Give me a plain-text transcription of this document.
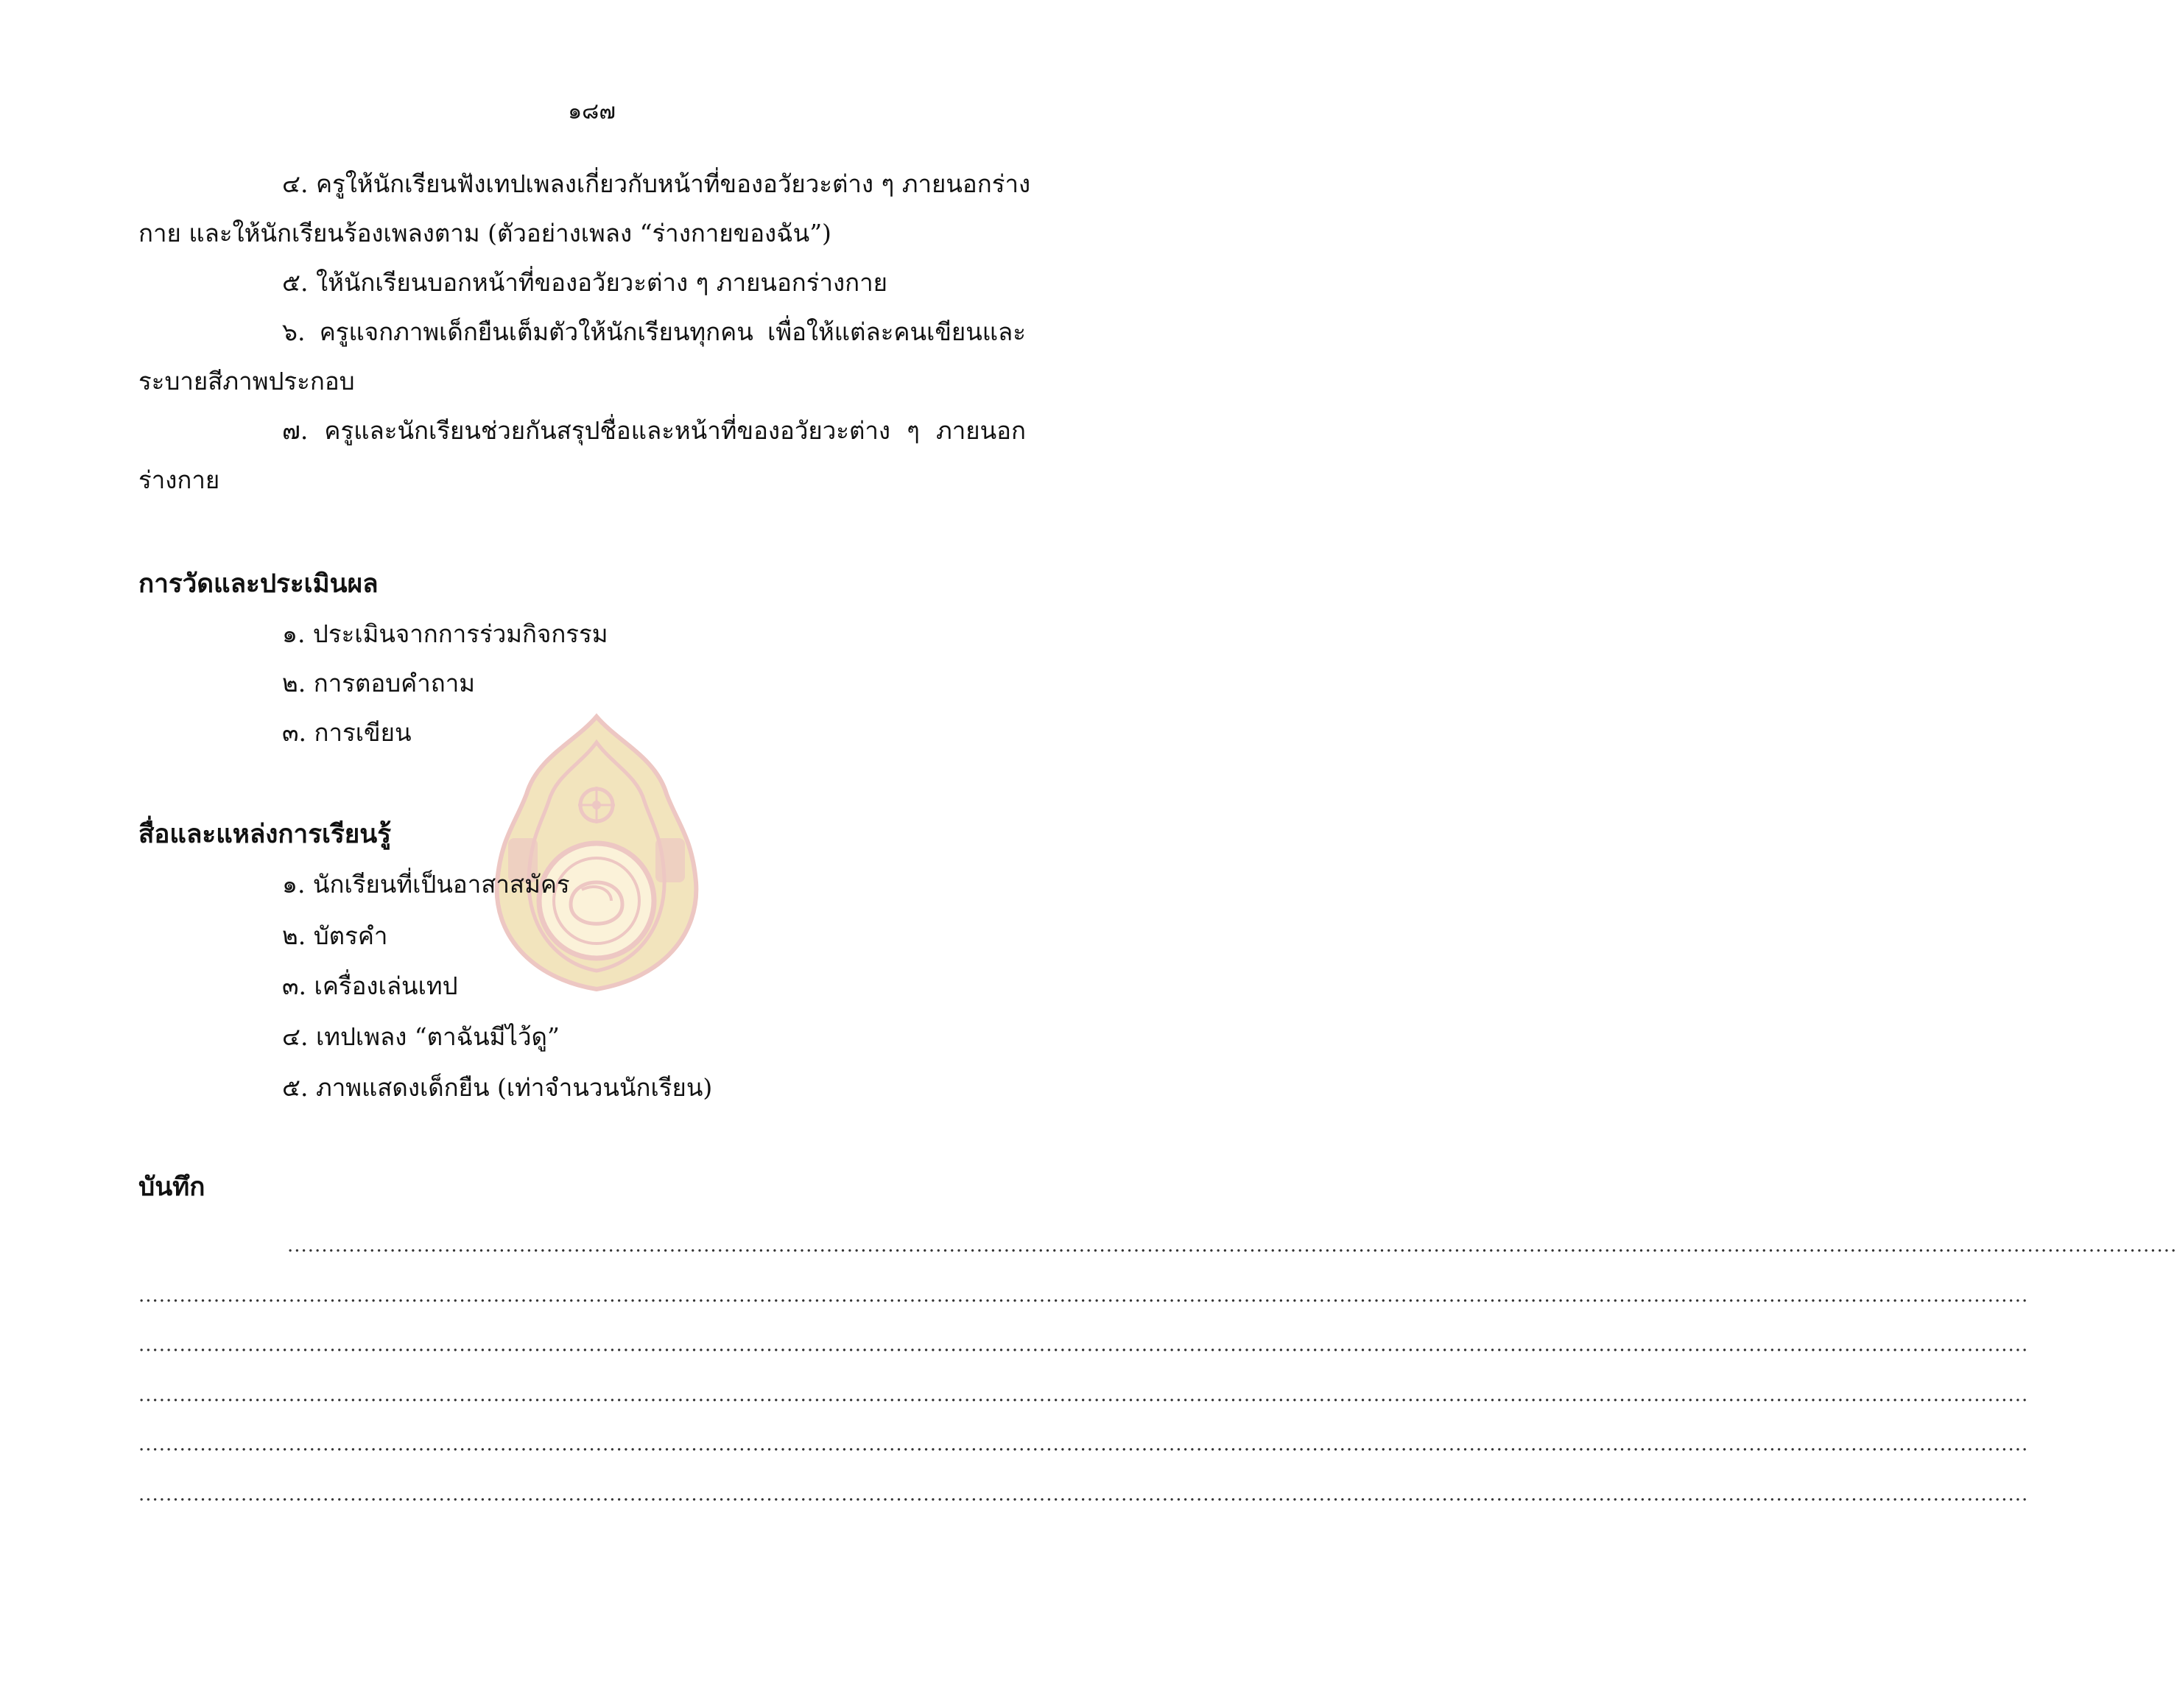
๑๘๗
๔. ครูให้นักเรียนฟังเทปเพลงเกี่ยวกับหน้าที่ของอวัยวะต่าง ๆ ภายนอกร่าง
กาย และให้นักเรียนร้องเพลงตาม (ตัวอย่างเพลง “ร่างกายของฉัน”)
๕. ให้นักเรียนบอกหน้าที่ของอวัยวะต่าง ๆ ภายนอกร่างกาย
๖. ครูแจกภาพเด็กยืนเต็มตัวให้นักเรียนทุกคน เพื่อให้แต่ละคนเขียนและ
ระบายสีภาพประกอบ
๗. ครูและนักเรียนช่วยกันสรุปชื่อและหน้าที่ของอวัยวะต่าง ๆ ภายนอก
ร่างกาย
การวัดและประเมินผล
๑. ประเมินจากการร่วมกิจกรรม
๒. การตอบคำถาม
๓. การเขียน
สื่อและแหล่งการเรียนรู้
๑. นักเรียนที่เป็นอาสาสมัคร
๒. บัตรคำ
๓. เครื่องเล่นเทป
๔. เทปเพลง “ตาฉันมีไว้ดู”
๕. ภาพแสดงเด็กยืน (เท่าจำนวนนักเรียน)
บันทึก
.....................................................................................................................................................................................................................................................................................
.....................................................................................................................................................................................................................................................................................
.....................................................................................................................................................................................................................................................................................
.....................................................................................................................................................................................................................................................................................
.....................................................................................................................................................................................................................................................................................
.....................................................................................................................................................................................................................................................................................
